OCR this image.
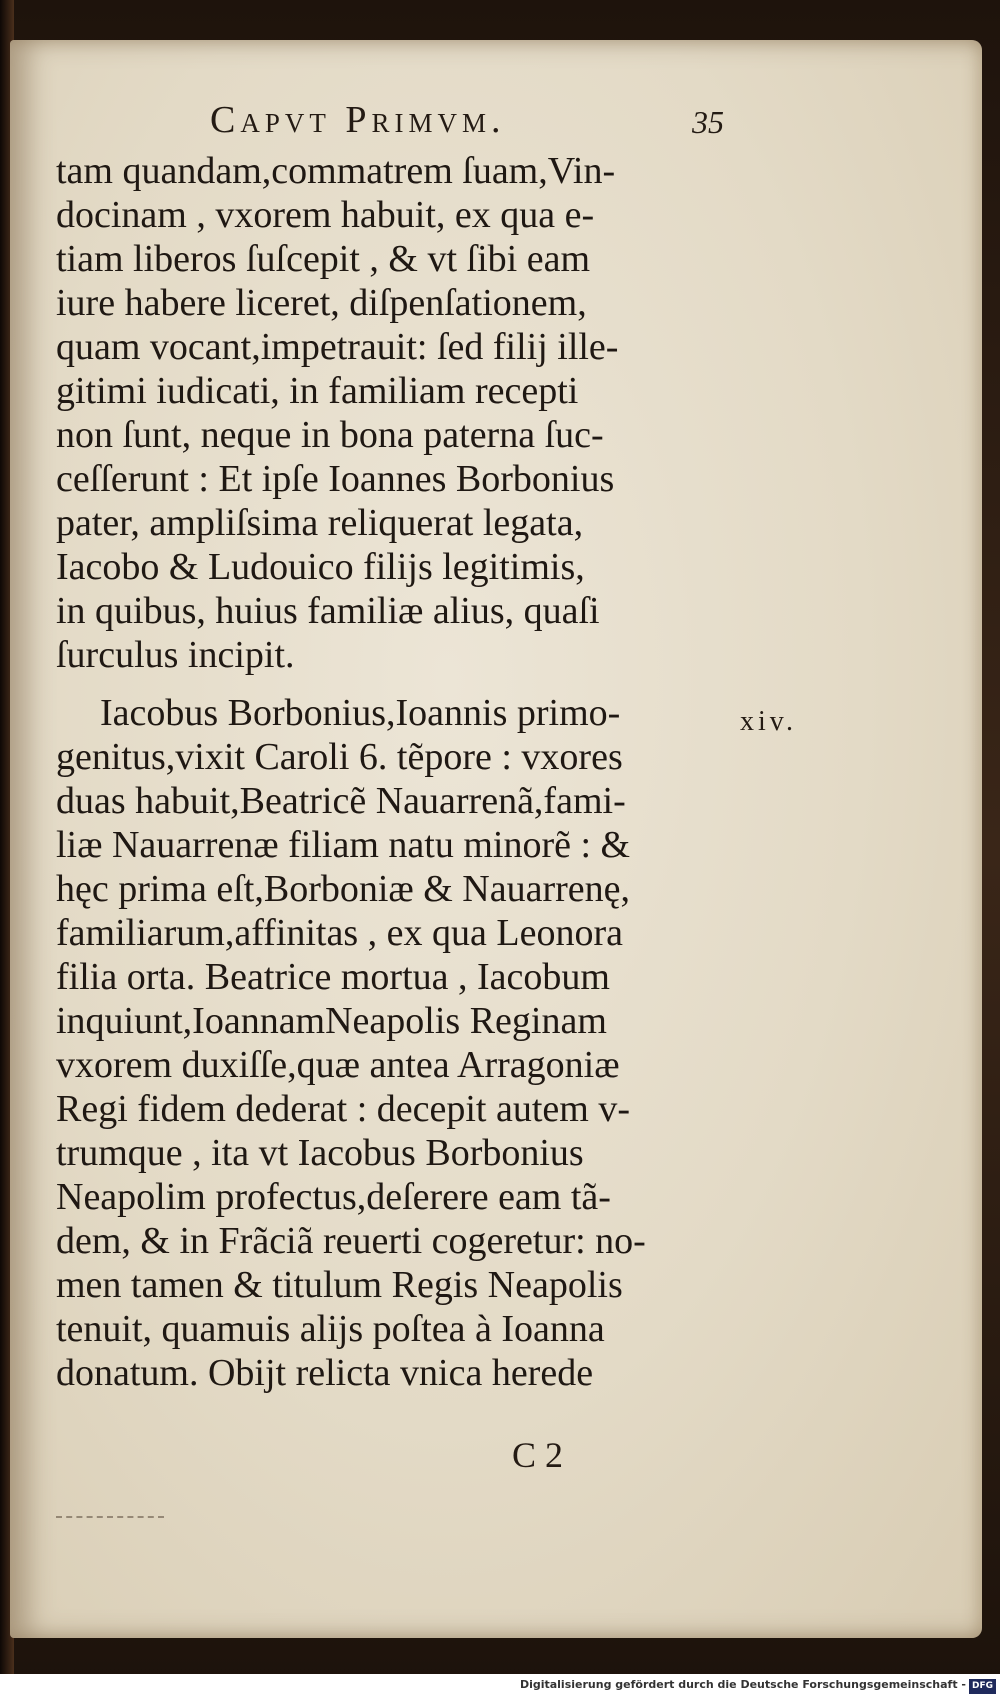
Capvt Primvm.	35
tam quandam,commatrem ſuam,Vin-
docinam , vxorem habuit, ex qua e-
tiam liberos ſuſcepit , & vt ſibi eam
iure habere liceret, diſpenſationem,
quam vocant,impetrauit: ſed filij ille-
gitimi iudicati, in familiam recepti
non ſunt, neque in bona paterna ſuc-
ceſſerunt : Et ipſe Ioannes Borbonius
pater, ampliſsima reliquerat legata,
Iacobo & Ludouico filijs legitimis,
in quibus, huius familiæ alius, quaſi
ſurculus incipit.
Iacobus Borbonius,Ioannis primo-
genitus,vixit Caroli 6. tẽpore : vxores
duas habuit,Beatricẽ Nauarrenã,fami-
liæ Nauarrenæ filiam natu minorẽ : &
hęc prima eſt,Borboniæ & Nauarrenę,
familiarum,affinitas , ex qua Leonora
filia orta. Beatrice mortua , Iacobum
inquiunt,IoannamNeapolis Reginam
vxorem duxiſſe,quæ antea Arragoniæ
Regi fidem dederat : decepit autem v-
trumque , ita vt Iacobus Borbonius
Neapolim profectus,deſerere eam tã-
dem, & in Frãciã reuerti cogeretur: no-
men tamen & titulum Regis Neapolis
tenuit, quamuis alijs poſtea à Ioanna
donatum. Obijt relicta vnica herede
xiv.
C 2
Digitalisierung gefördert durch die Deutsche Forschungsgemeinschaft - DFG
